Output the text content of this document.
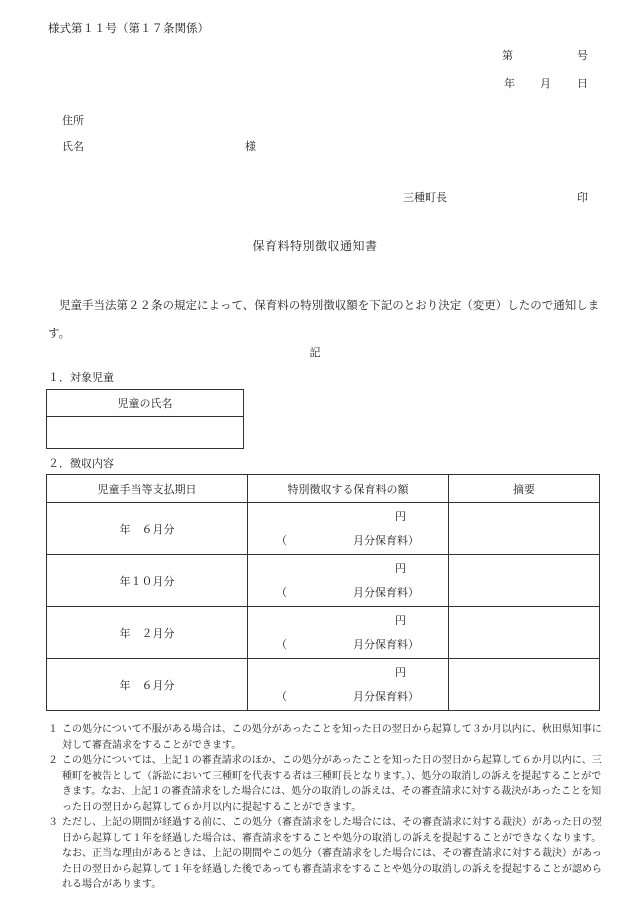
様式第１１号（第１７条関係）
第	号
年 月 日
住所
氏名	様
三種町長	印
保育料特別徴収通知書
児童手当法第２２条の規定によって、保育料の特別徴収額を下記のとおり決定（変更）したので通知します。
記
１．対象児童
児童の氏名

２．徴収内容
児童手当等支払期日	特別徴収する保育料の額	摘要
年　６月分	円
（ 月分保育料）	

年１０月分	円
（ 月分保育料）	

年　２月分	円
（ 月分保育料）	

年　６月分	円
（ 月分保育料）	

１ この処分について不服がある場合は、この処分があったことを知った日の翌日から起算して３か月以内に、秋田県知事に対して審査請求をすることができます。

２ この処分については、上記１の審査請求のほか、この処分があったことを知った日の翌日から起算して６か月以内に、三種町を被告として（訴訟において三種町を代表する者は三種町長となります。）、処分の取消しの訴えを提起することができます。なお、上記１の審査請求をした場合には、処分の取消しの訴えは、その審査請求に対する裁決があったことを知った日の翌日から起算して６か月以内に提起することができます。

３ ただし、上記の期間が経過する前に、この処分（審査請求をした場合には、その審査請求に対する裁決）があった日の翌日から起算して１年を経過した場合は、審査請求をすることや処分の取消しの訴えを提起することができなくなります。なお、正当な理由があるときは、上記の期間やこの処分（審査請求をした場合には、その審査請求に対する裁決）があった日の翌日から起算して１年を経過した後であっても審査請求をすることや処分の取消しの訴えを提起することが認められる場合があります。
